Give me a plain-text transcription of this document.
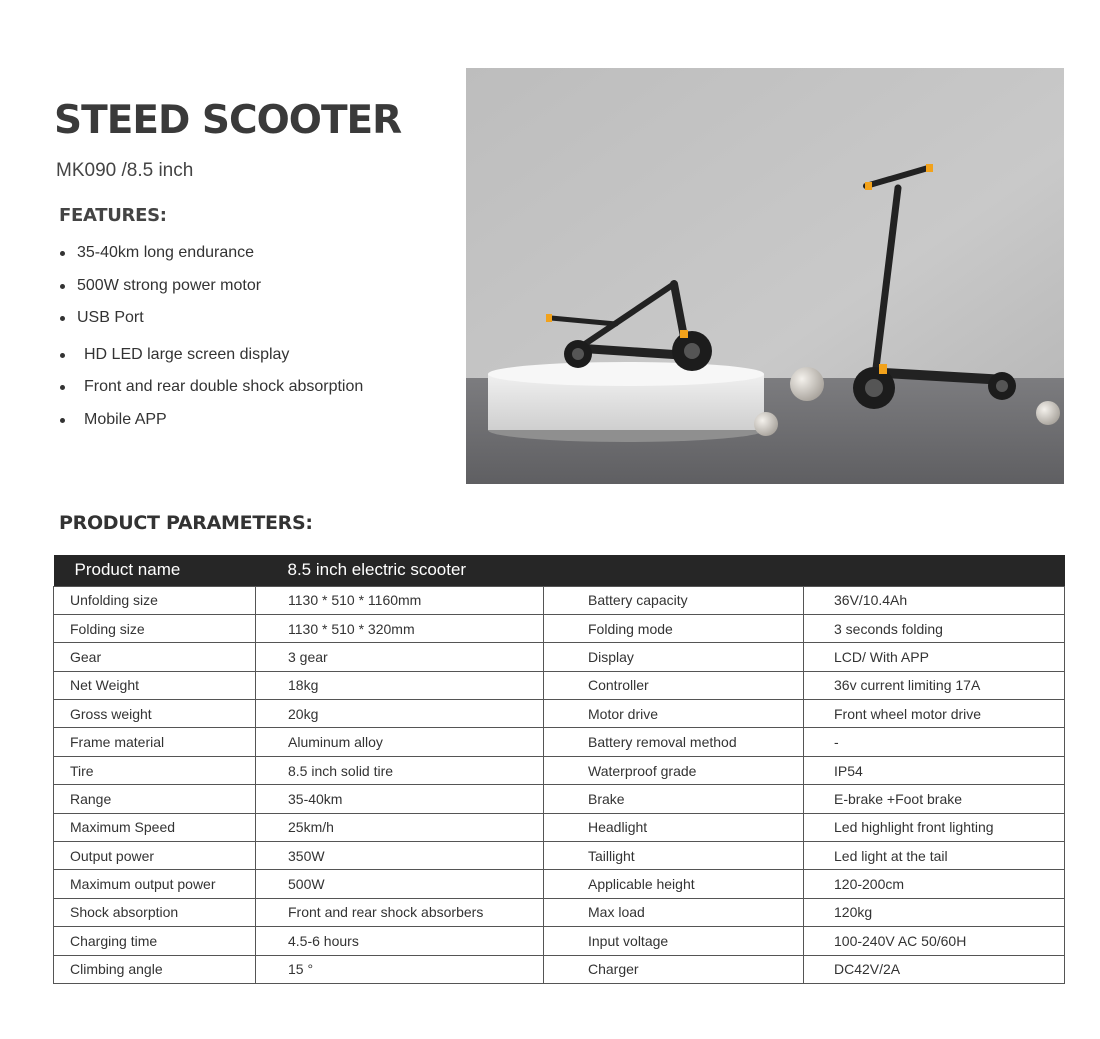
STEED SCOOTER
MK090 /8.5 inch
FEATURES:
35-40km long endurance
500W strong power motor
USB Port
HD LED large screen display
Front and rear double shock absorption
Mobile APP
PRODUCT PARAMETERS:
Product name	8.5 inch electric scooter		
Unfolding size	1130 * 510 * 1160mm	Battery capacity	36V/10.4Ah
Folding size	1130 * 510 * 320mm	Folding mode	3 seconds folding
Gear	3 gear	Display	LCD/ With APP
Net Weight	18kg	Controller	36v current limiting 17A
Gross weight	20kg	Motor drive	Front wheel motor drive
Frame material	Aluminum alloy	Battery removal method	-
Tire	8.5 inch solid tire	Waterproof grade	IP54
Range	35-40km	Brake	E-brake +Foot brake
Maximum Speed	25km/h	Headlight	Led highlight front lighting
Output power	350W	Taillight	Led light at the tail
Maximum output power	500W	Applicable height	120-200cm
Shock absorption	Front and rear shock absorbers	Max load	120kg
Charging time	4.5-6 hours	Input voltage	100-240V AC 50/60H
Climbing angle	15 °	Charger	DC42V/2A
